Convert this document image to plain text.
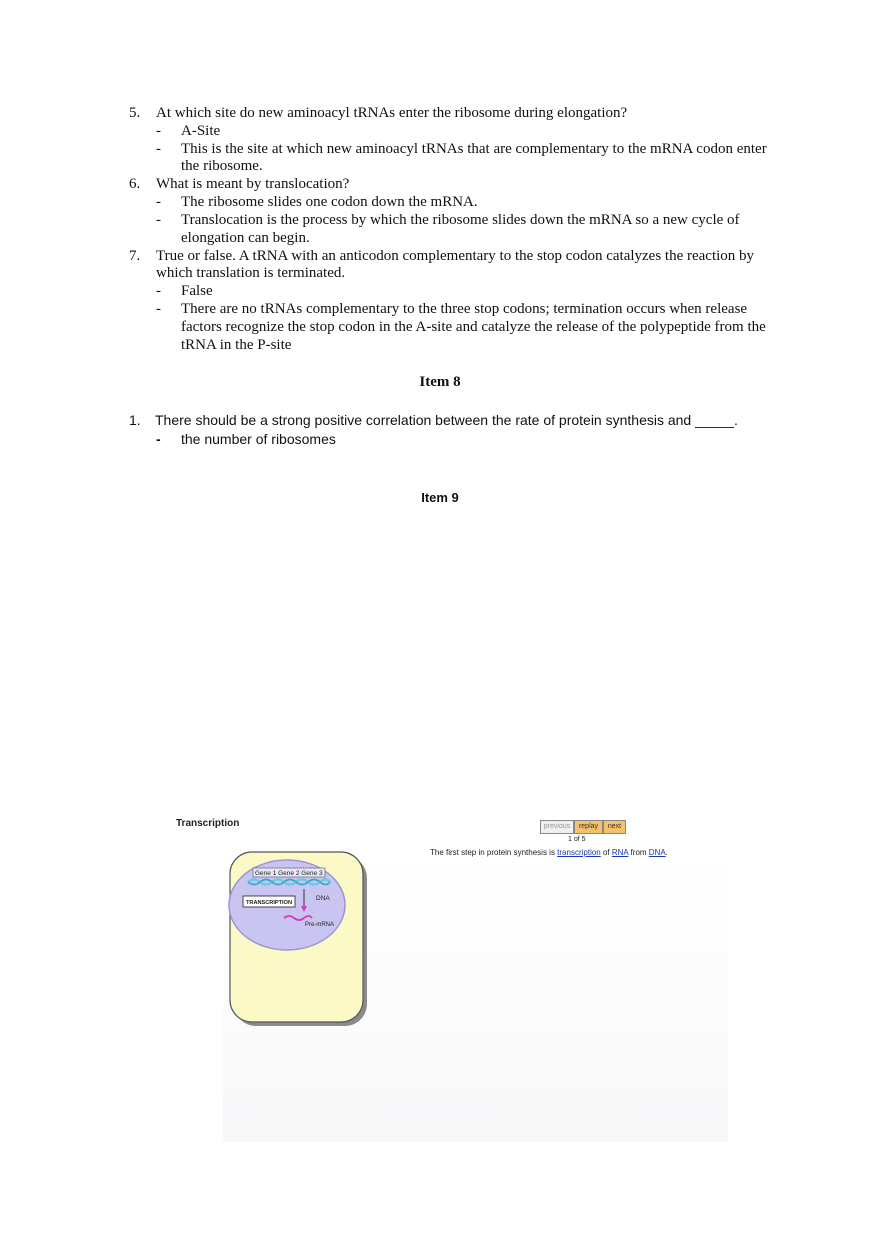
5. At which site do new aminoacyl tRNAs enter the ribosome during elongation?
- A-Site
- This is the site at which new aminoacyl tRNAs that are complementary to the mRNA codon enter
the ribosome.
6. What is meant by translocation?
- The ribosome slides one codon down the mRNA.
- Translocation is the process by which the ribosome slides down the mRNA so a new cycle of
elongation can begin.
7. True or false. A tRNA with an anticodon complementary to the stop codon catalyzes the reaction by
which translation is terminated.
- False
- There are no tRNAs complementary to the three stop codons; termination occurs when release
factors recognize the stop codon in the A-site and catalyze the release of the polypeptide from the
tRNA in the P-site
Item 8
1. There should be a strong positive correlation between the rate of protein synthesis and _____.
- the number of ribosomes
Item 9
Transcription	previous	replay	next
1 of 5
The first step in protein synthesis is transcription of RNA from DNA.
Gene 1 Gene 2 Gene 3
TRANSCRIPTION
DNA
Pre-mRNA
